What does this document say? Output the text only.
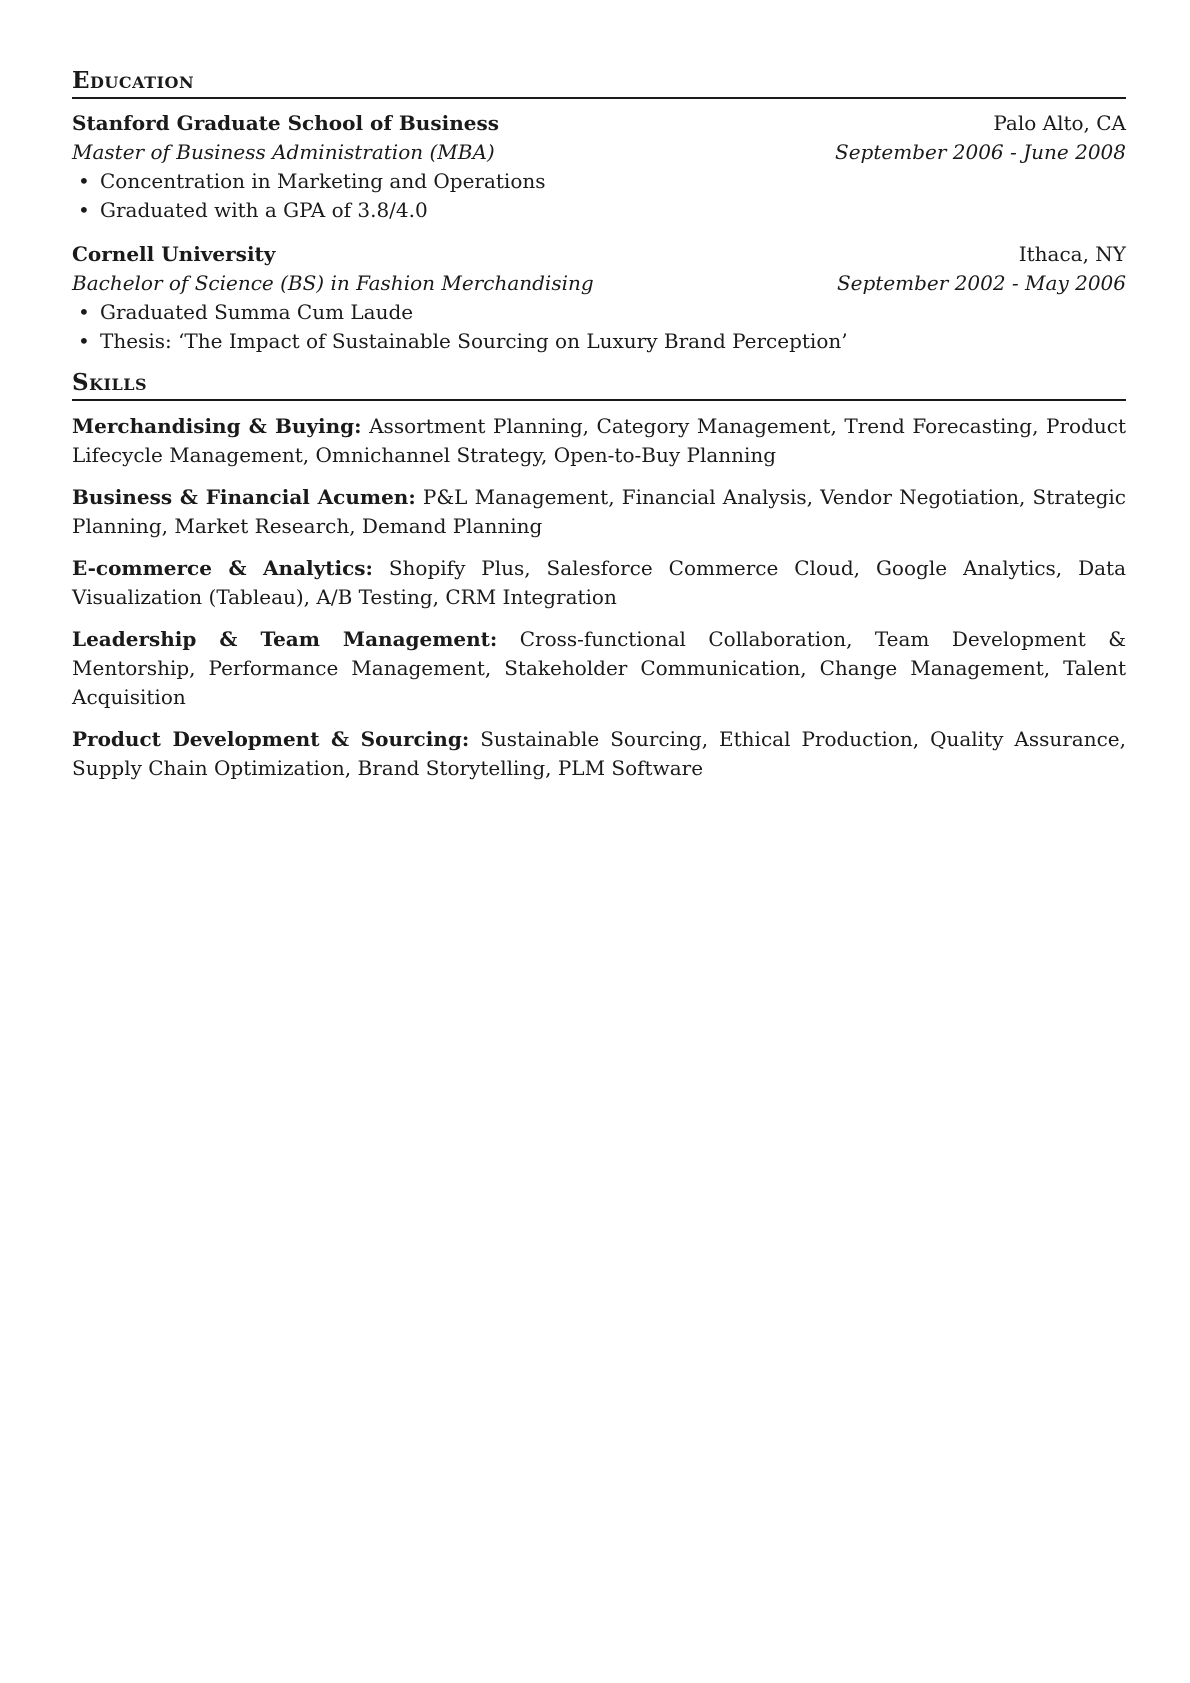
Education
Stanford Graduate School of Business	Palo Alto, CA
Master of Business Administration (MBA)	September 2006 - June 2008
• Concentration in Marketing and Operations
• Graduated with a GPA of 3.8/4.0
Cornell University	Ithaca, NY
Bachelor of Science (BS) in Fashion Merchandising	September 2002 - May 2006
• Graduated Summa Cum Laude
• Thesis: ‘The Impact of Sustainable Sourcing on Luxury Brand Perception’
Skills

Merchandising & Buying: Assortment Planning, Category Management, Trend Forecasting, Product Lifecycle Management, Omnichannel Strategy, Open-to-Buy Planning

Business & Financial Acumen: P&L Management, Financial Analysis, Vendor Negotiation, Strategic Planning, Market Research, Demand Planning

E-commerce & Analytics: Shopify Plus, Salesforce Commerce Cloud, Google Analytics, Data Visualization (Tableau), A/B Testing, CRM Integration

Leadership & Team Management: Cross-functional Collaboration, Team Development & Mentorship, Performance Management, Stakeholder Communication, Change Management, Talent Acquisition

Product Development & Sourcing: Sustainable Sourcing, Ethical Production, Quality Assurance, Supply Chain Optimization, Brand Storytelling, PLM Software
